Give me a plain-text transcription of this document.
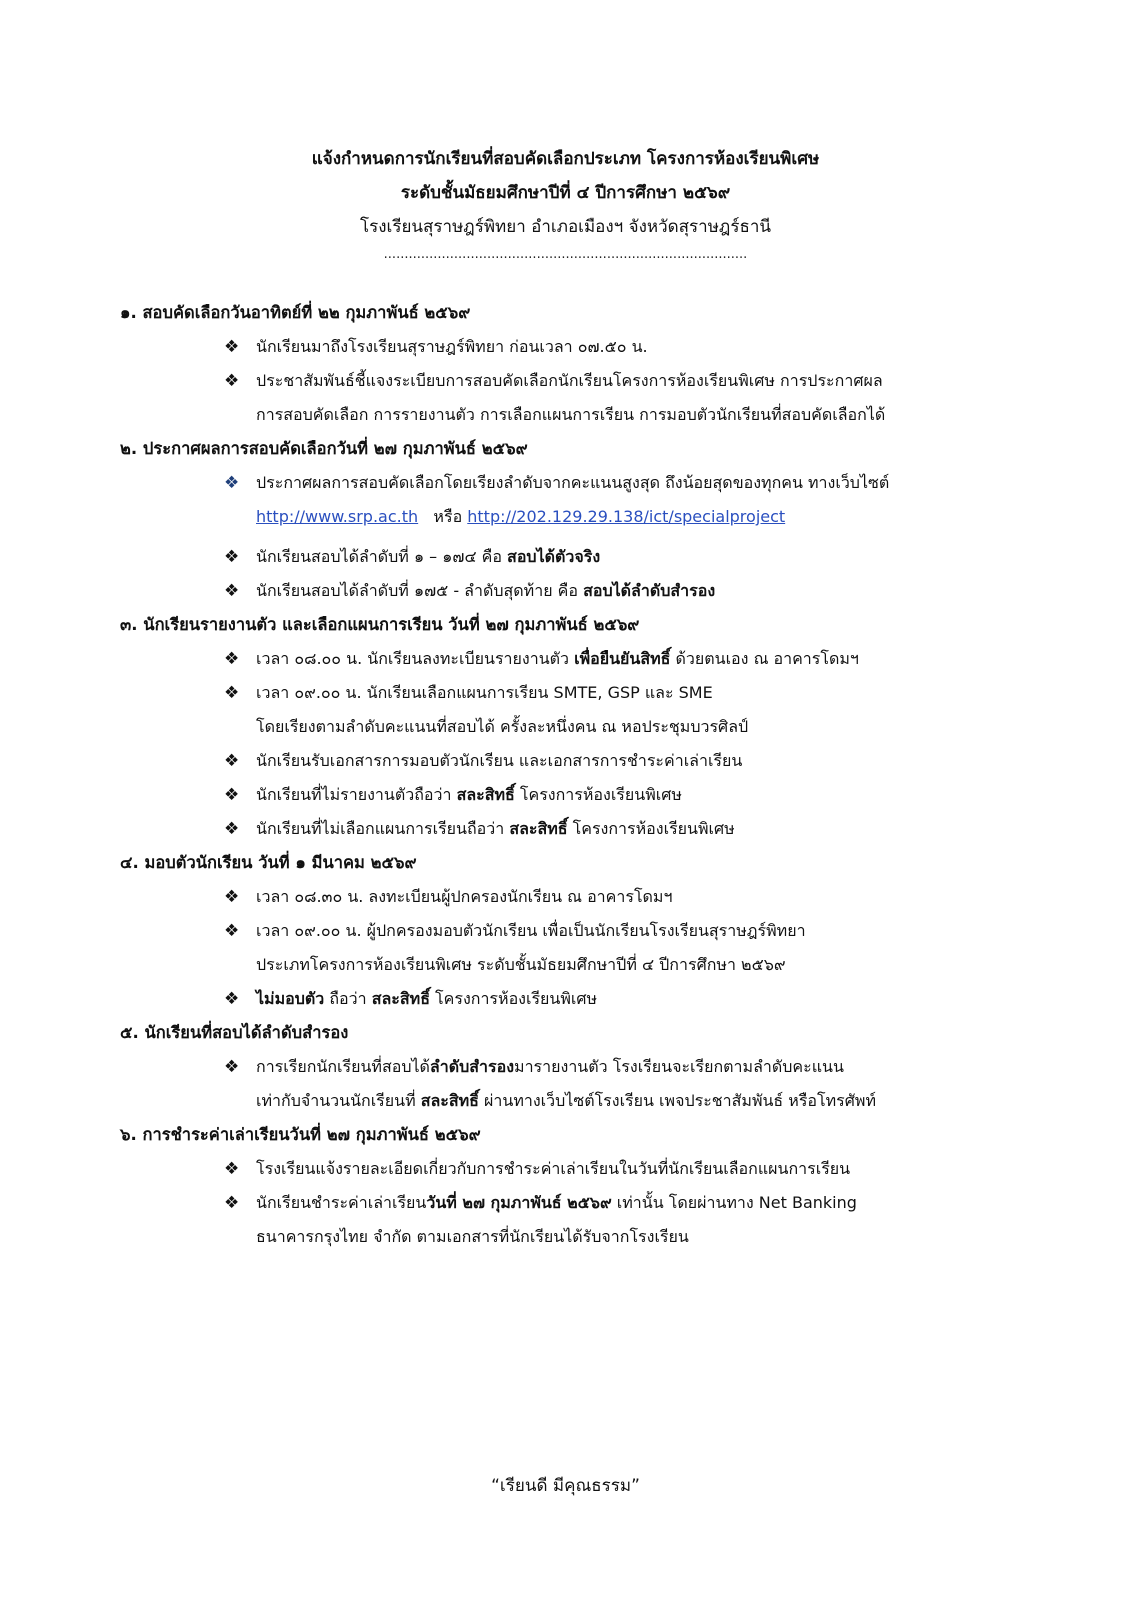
แจ้งกำหนดการนักเรียนที่สอบคัดเลือกประเภท โครงการห้องเรียนพิเศษ
ระดับชั้นมัธยมศึกษาปีที่ ๔ ปีการศึกษา ๒๕๖๙
โรงเรียนสุราษฎร์พิทยา อำเภอเมืองฯ จังหวัดสุราษฎร์ธานี
........................................................................................
๑. สอบคัดเลือกวันอาทิตย์ที่ ๒๒ กุมภาพันธ์ ๒๕๖๙
❖	นักเรียนมาถึงโรงเรียนสุราษฎร์พิทยา ก่อนเวลา ๐๗.๕๐ น.
❖	ประชาสัมพันธ์ชี้แจงระเบียบการสอบคัดเลือกนักเรียนโครงการห้องเรียนพิเศษ การประกาศผล
การสอบคัดเลือก การรายงานตัว การเลือกแผนการเรียน การมอบตัวนักเรียนที่สอบคัดเลือกได้
๒. ประกาศผลการสอบคัดเลือกวันที่ ๒๗ กุมภาพันธ์ ๒๕๖๙
❖	ประกาศผลการสอบคัดเลือกโดยเรียงลำดับจากคะแนนสูงสุด ถึงน้อยสุดของทุกคน ทางเว็บไซต์
http://www.srp.ac.th หรือ http://202.129.29.138/ict/specialproject
❖	นักเรียนสอบได้ลำดับที่ ๑ – ๑๗๔ คือ สอบได้ตัวจริง
❖	นักเรียนสอบได้ลำดับที่ ๑๗๕ - ลำดับสุดท้าย คือ สอบได้ลำดับสำรอง
๓. นักเรียนรายงานตัว และเลือกแผนการเรียน วันที่ ๒๗ กุมภาพันธ์ ๒๕๖๙
❖	เวลา ๐๘.๐๐ น. นักเรียนลงทะเบียนรายงานตัว เพื่อยืนยันสิทธิ์ ด้วยตนเอง ณ อาคารโดมฯ
❖	เวลา ๐๙.๐๐ น. นักเรียนเลือกแผนการเรียน SMTE, GSP และ SME
โดยเรียงตามลำดับคะแนนที่สอบได้ ครั้งละหนึ่งคน ณ หอประชุมบวรศิลป์
❖	นักเรียนรับเอกสารการมอบตัวนักเรียน และเอกสารการชำระค่าเล่าเรียน
❖	นักเรียนที่ไม่รายงานตัวถือว่า สละสิทธิ์ โครงการห้องเรียนพิเศษ
❖	นักเรียนที่ไม่เลือกแผนการเรียนถือว่า สละสิทธิ์ โครงการห้องเรียนพิเศษ
๔. มอบตัวนักเรียน วันที่ ๑ มีนาคม ๒๕๖๙
❖	เวลา ๐๘.๓๐ น. ลงทะเบียนผู้ปกครองนักเรียน ณ อาคารโดมฯ
❖	เวลา ๐๙.๐๐ น. ผู้ปกครองมอบตัวนักเรียน เพื่อเป็นนักเรียนโรงเรียนสุราษฎร์พิทยา
ประเภทโครงการห้องเรียนพิเศษ ระดับชั้นมัธยมศึกษาปีที่ ๔ ปีการศึกษา ๒๕๖๙
❖	ไม่มอบตัว ถือว่า สละสิทธิ์ โครงการห้องเรียนพิเศษ
๕. นักเรียนที่สอบได้ลำดับสำรอง
❖	การเรียกนักเรียนที่สอบได้ลำดับสำรองมารายงานตัว โรงเรียนจะเรียกตามลำดับคะแนน
เท่ากับจำนวนนักเรียนที่ สละสิทธิ์ ผ่านทางเว็บไซต์โรงเรียน เพจประชาสัมพันธ์ หรือโทรศัพท์
๖. การชำระค่าเล่าเรียนวันที่ ๒๗ กุมภาพันธ์ ๒๕๖๙
❖	โรงเรียนแจ้งรายละเอียดเกี่ยวกับการชำระค่าเล่าเรียนในวันที่นักเรียนเลือกแผนการเรียน
❖	นักเรียนชำระค่าเล่าเรียนวันที่ ๒๗ กุมภาพันธ์ ๒๕๖๙ เท่านั้น โดยผ่านทาง Net Banking
ธนาคารกรุงไทย จำกัด ตามเอกสารที่นักเรียนได้รับจากโรงเรียน
“เรียนดี มีคุณธรรม”
